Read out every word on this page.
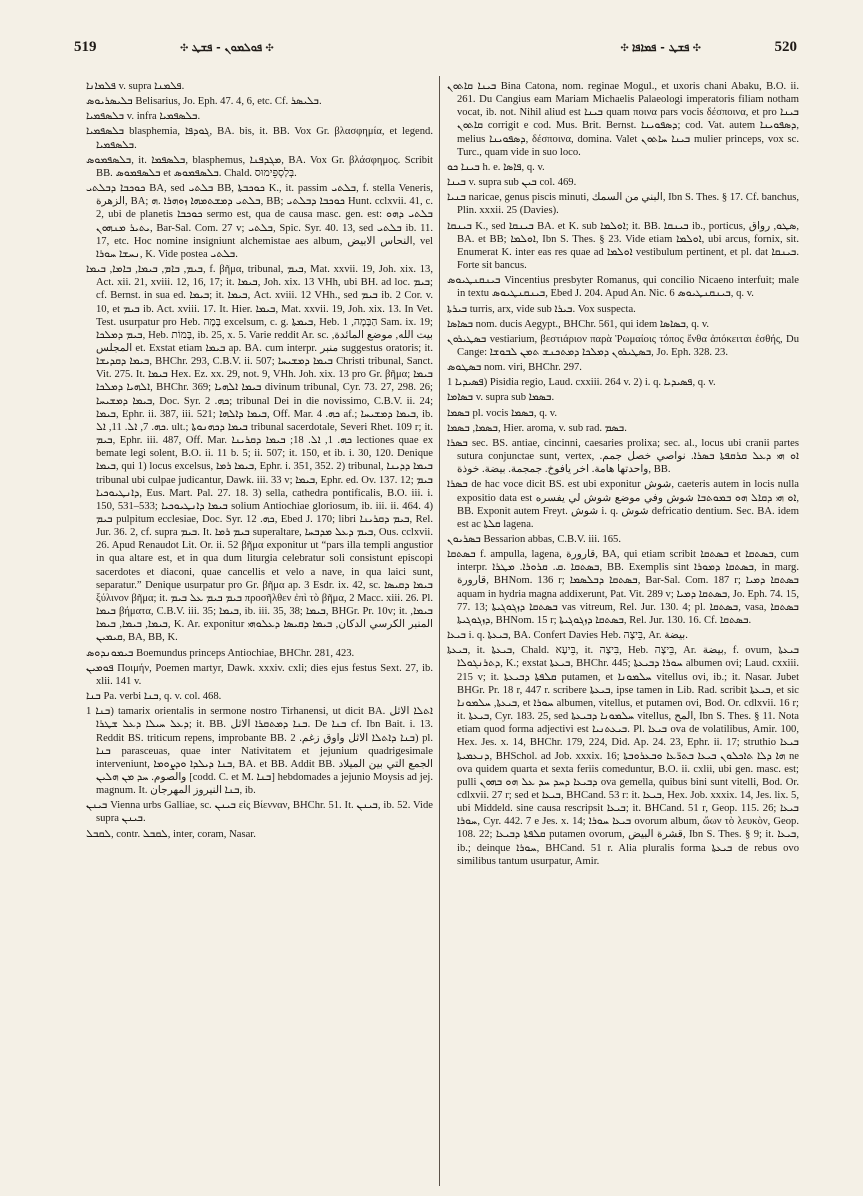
519	✣ ܦܘܠܡܘܢ - ܦܫܛ ✣	✣ ܦܫܛ - ܦܡܐܦܐ ✣	520

ܦܠܡܐܢܐ v. supra ܦܠܡܢܐ.

ܒܠܝܣܪܝܘܣ Belisarius, Jo. Eph. 47. 4, 6, etc. Cf. ܒܠܝܣܪ.

ܒܠܣܦܡܝܐ v. infra ܒܠܣܦܡܝܐ.

ܒܠܣܦܡܝܐ blasphemia, ܓܘܕܦܐ, BA. bis, it. BB. Vox Gr. βλασφημία, et legend. ܒܠܣܦܡܝܐ.

ܒܠܣܦܡܘܣ, it. ܒܠܣܦܡܐ, blasphemus, ܡܓܕܦܢܐ, BA. Vox Gr. βλάσφημος. Scribit BB. ܒܠܣܦܡܘܣ et ܒܠܣܦܡܘܣ. Chald. בְּלַסְפֵּימוּס.

ܟܘܟܒܐ ܕܒܠܬܝ BA, sed ܒܠܬܝ BB, ܟܘܟܒܬܐ K., it. passim ܒܠܬܝ, f. stella Veneris, الزهرة, BA; ܒܠܬܝ ܕܡܫܬܡܗܐ ܙܘܗܪܐ .ܗ, BB; ܟܘܟܒܐ ܕܒܠܬܝ Hunt. cclxvii. 41, c. 2, ubi de planetis ܟܘܟܒܐ sermo est, qua de causa masc. gen. est: ܒܠܬܝ ܕܗܘ ܝܬܝܪ ܡܢܗܘܢ, Bar-Sal. Com. 27 v; ܒܠܬܝ, Spic. Syr. 40. 13, sed ܒܠܬܝ ib. 11. 17, etc. Hoc nomine insigniunt alchemistae aes album, النحاس الابيض, vel ܢܚܫܐ ܚܘܪܐ, K. Vide postea ܒܠܬܝ.

ܒܝܡ, ܒܐܡ, ܒܝܡܐ, ܒܐܡܐ, ܒܝܡܐ, f. βῆμα, tribunal, ܒܝܡ, Mat. xxvii. 19, Joh. xix. 13, Act. xii. 21, xviii. 12, 16, 17; it. ܒܝܡܐ, Joh. xix. 13 VHh, ubi BH. ad loc. ܒܝܡ; cf. Bernst. in sua ed. ܒܝܡܐ; it. ܒܝܡܐ, Act. xviii. 12 VHh., sed ܒܝܡ ib. 2 Cor. v. 10, et ܒܝܡ ib. Act. xviii. 17. It. Hier. ܒܝܡܐ, Mat. xxvii. 19, Joh. xix. 13. In Vet. Test. usurpatur pro Heb. בָּמָה excelsum, c. g. ܒܝܡܬܐ, Heb. הַבָּמָה, 1 Sam. ix. 19; ܒܝܡ ܕܡܠܟܐ, Heb. בָּמוֹת, ib. 25, x. 5. Varie reddit Ar. sc. بيت الله, موضع المائدة, المجلس et. Exstat etiam ܒܝܡܐ ap. BA. cum interpr. منبر suggestus oratoris; it. ܒܝܡܐ ܕܩܕܝܫܐ, BHChr. 293, C.B.V. ii. 507; ܒܝܡܐ ܕܡܫܝܚܐ Christi tribunal, Sanct. Vit. 275. It. ܒܝܡܐ Hex. Ez. xx. 29, not. 9, VHh. Joh. xix. 13 pro Gr. βῆμα; ܒܝܡܐ ܐܠܗܝܐ ܕܡܠܟܐ, BHChr. 369; ܒܝܡܐ ܐܠܗܝܐ divinum tribunal, Cyr. 73. 27, 298. 26; ܒܝܡܐ ܕܡܫܝܚܐ, Doc. Syr. ܟܗ. 2; tribunal Dei in die novissimo, C.B.V. ii. 24; ܒܝܡܐ, Ephr. ii. 387, iii. 521; ܒܝܡܐ ܕܐܠܗܐ, Off. Mar. ܟܗ. 4 af.; ܒܝܡܐ ܕܡܫܝܚܐ, ib. ܟܗ. 7, ܐܠ. 11, ܐܠ. ult.; ܒܝܡܐ ܕܟܗܢܘܬܐ tribunal sacerdotale, Severi Rhet. 109 r; it. ܒܝܡ, Ephr. iii. 487, Off. Mar. ܟܗ. 1, ܐܠ. 18; ܒܝܡܐ ܕܩܪܝܢܐ lectiones quae ex bemate legi solent, B.O. ii. 11 b. 5; ii. 507; it. 150, et ib. i. 30, 120. Denique ܒܝܡܐ, qui 1) locus excelsus, ܒܝܡܐ ܪܡܐ, Ephr. i. 351, 352. 2) tribunal, ܒܝܡܐ ܕܕܝܢܐ tribunal ubi culpae judicantur, Dawk. iii. 33 v; ܒܝܡܐ, Ephr. ed. Ov. 137. 12; ܒܝܡ ܕܐܢܛܝܘܟܝܐ, Eus. Mart. Pal. 27. 18. 3) sella, cathedra pontificalis, B.O. iii. i. 150, 531–533; ܒܝܡܐ ܕܐܢܛܝܘܟܝܐ solium Antiochiae gloriosum, ib. iii. ii. 464. 4) ܒܝܡ pulpitum ecclesiae, Doc. Syr. ܟܗ. 12, Ebed J. 170; libri ܒܝܡ ܕܩܪܝܢܐ, Rel. Jur. 36. 2, cf. supra ܒܝܡ. It. ܒܝܡ ܪܡܐ superaltare, ܒܝܡ ܕܥܠ ܡܕܒܚܐ, Ous. cclxvii. 26. Apud Renaudot Lit. Or. ii. 52 βῆμα exponitur ut “pars illa templi angustior in qua altare est, et in qua dum liturgia celebratur soli consistunt episcopi sacerdotes et diaconi, quae cancellis et velo a nave, in qua laici sunt, separatur.” Denique usurpatur pro Gr. βῆμα ap. 3 Esdr. ix. 42, sc. ܒܝܡܐ ܕܩܝܣܐ ξύλινον βῆμα; it. ܒܝܡ ܒܝܡ ܥܠ ܒܝܡ προσῆλθεν ἐπὶ τὸ βῆμα, 2 Macc. xiii. 26. Pl. ܒܝܡܐ βήματα, C.B.V. iii. 35; ܒܝܡܐ, ib. iii. 35, 38; ܒܝܡܐ, BHGr. Pr. 10v; it. ܒܝܡܐ, ܒܝܡܐ, ܒܝܡܐ, ܒܝܡܐ, K. Ar. exponitur المنبر الكرسي الدكان, ܒܝܡܐ ܕܩܝܣܐ ܕܥܠܘܗܝ ܩܝܡܝܢ, BA, BB, K.

ܒܝܡܘܢܕܘܣ Boemundus princeps Antiochiae, BHChr. 281, 423.

ܦܘܡܝܢ Ποιμήν, Poemen martyr, Dawk. xxxiv. cxli; dies ejus festus Sext. 27, ib. xlii. 141 v.

ܒܢܐ Pa. verbi ܒܢܐ, q. v. col. 468.

ܒܢܐ 1) tamarix orientalis in sermone nostro Tirhanensi, ut dicit BA. ܐܬܠܐ الاثل ܕܥܠ ܚܝܠܐ ܕܥܠ ܫܛܪܐ; it. BB. ܒܢܐ ܕܡܬܩܪܐ الاثل. De ܒܢܐ cf. Ibn Bait. i. 13. Reddit BS. triticum repens, improbante BB. ܒܢܐ ܕܐܬܠܐ الاثل واوق زغم. 2) pl. ܒܢܐ parasceuas, quae inter Nativitatem et jejunium quadrigesimale interveniunt, ܒܢܐ ܕܝܠܕܐ ܘܕܨܘܡܐ, BA. et BB. Addit BB. الجمع التي بين الميلاد والصوم. ܚܕ ܡܢ ܗܠܝܢ [codd. C. et M. ܒܢܐ] hebdomades a jejunio Moysis ad jej. magnum. It. ܒܢܐ النيروز المهرجان, ib.

ܒܝܢܢ Vienna urbs Galliae, sc. ܒܝܢܢ εἰς Βίενναν, BHChr. 51. It. ܒܝܢܢ, ib. 52. Vide supra ܒܝܢܢ.

ܠܩܒܠ, contr. ܠܩܒܠ, inter, coram, Nasar.

ܒܝܢܐ ܩܐܬܘܢ Bina Catona, nom. reginae Mogul., et uxoris chani Abaku, B.O. ii. 261. Du Cangius eam Mariam Michaelis Palaeologi imperatoris filiam notham vocat, ib. not. Nihil aliud est ܒܝܢܐ quam ποινα pars vocis δέσποινα, et pro ܒܝܢܐ ܩܐܬܘܢ corrigit e cod. Mus. Brit. Bernst. ܕܣܦܘܝܢܐ; cod. Vat. autem ܕܣܦܘܝܢܐ, melius ܕܣܦܘܝܢܐ, δέσποινα, domina. Valet ܒܝܢܐ ܚܐܬܘܢ mulier princeps, vox sc. Turc., quam vide in suo loco.

ܒܝܢܐ ܟܘ h. e. ܦܐܣܐ, q. v.

ܒܝܢܐ v. supra sub ܒܝܢ col. 469.

ܒܢܝܐ naricae, genus piscis minuti, البني من السمك, Ibn S. Thes. § 17. Cf. banchus, Plin. xxxii. 25 (Davies).

ܒܝܢܩܐ K., sed ܒܝܢܩܐ BA. et K. sub ܐܘܠܡܐ; it. BB. ܒܝܢܩܐ ib., porticus, ܣܛܘ, رواق, BA. et BB; ܐܘܠܡܐ, Ibn S. Thes. § 23. Vide etiam ܐܘܠܡܐ, ubi arcus, fornix, sit. Enumerat K. inter eas res quae ad ܐܘܠܡܐ vestibulum pertinent, et pl. dat ܒܝܢܩܐ. Forte sit bancus.

ܒܝܢܩܢܛܝܘܣ Vincentius presbyter Romanus, qui concilio Nicaeno interfuit; male in textu ܒܝܢܩܢܛܝܘܣ, Ebed J. 204. Apud An. Nic. 6 ܒܝܢܩܢܛܝܘܣ, q. v.

ܒܝܪܬܐ turris, arx, vide sub ܒܝܪܐ. Vox suspecta.

ܒܣܐܣܐ nom. ducis Aegypt., BHChr. 561, qui idem ܒܣܐܣܐ, q. v.

ܒܣܛܝܪܘܢ vestiarium, βεστιάριον παρὰ Ῥωμαίοις τόπος ἔνθα ἀπόκειται ἐσθής, Du Cange: ܒܣܛܝܪܘܢ ܕܡܠܟܐ ܕܡܬܟܢܫ ܬܡܢ ܠܒܘܫܐ, Jo. Eph. 328. 23.

ܒܣܛܘܣ nom. viri, BHChr. 297.

ܦܣܝܕܝܐ 1) Pisidia regio, Laud. cxxiii. 264 v. 2) i. q. ܦܣܝܕܝܐ, q. v.

ܒܣܐܡܐ v. supra sub ܒܣܡܐ.

ܒܣܡܐ pl. vocis ܒܣܡܐ, q. v.

ܒܣܡܐ, ܒܣܡܐ, Hier. aroma, v. sub rad. ܒܣܡ.

ܒܣܪܐ sec. BS. antiae, cincinni, caesaries prolixa; sec. al., locus ubi cranii partes sutura conjunctae sunt, vertex, ܐܘ ܗܝ ܕܥܠ ܩܪܩܦܬܐ ܒܣܪܐ. نواصي خصل جمم. واحدتها هامة. اخر يافوخ. جمجمة. بيضة. خوذة, BB.

ܒܣܪܐ de hac voce dicit BS. est ubi exponitur شوش, caeteris autem in locis nulla expositio data est ܐܘ ܗܝ ܕܩܐܠ ܗܘ ܒܡܘܬܒܐ شوش وفي موضع شوش لي يفسره, BB. Exponit autem Freyt. شوش i. q. شوش defricatio dentium. Sec. BA. idem est ac ܩܠܬܐ lagena.

ܒܣܪܝܘܢ Bessarion abbas, C.B.V. iii. 165.

ܒܣܬܩܐ f. ampulla, lagena, قارورة, BA, qui etiam scribit ܒܣܬܩܐ et ܒܣܬܩܐ, cum interpr. ܒܣܬܩܐ .ܩ. ܩܪܘܪܐ. ܡܛܪܐ, BB. Exemplis sint ܒܣܬܩܐ ܕܡܘܪܐ, in marg. قارورة, BHNom. 136 r; ܒܣܬܩܐ ܕܒܠܣܡܐ, Bar-Sal. Com. 187 r; ܒܣܬܩܐ ܕܡܝܐ aquam in hydria magna addixerunt, Pat. Vit. 289 v; ܒܣܬܩܐ ܕܡܝܐ, Jo. Eph. 74. 15, 77. 13; ܒܣܬܩܐ ܕܙܓܘܓܝܬܐ vas vitreum, Rel. Jur. 130. 4; pl. ܒܣܬܩܐ, vasa, ܒܣܬܩܐ ܕܙܓܘܓܝܬܐ, BHNom. 15 r; ܒܣܬܩܐ ܕܙܓܘܓܝܬܐ, Rel. Jur. 130. 16. Cf. ܒܣܬܩܐ.

ܒܝܥܐ i. q. ܒܝܥܬܐ, BA. Confert Davies Heb. בֵּיצָה, Ar. بيضة.

ܒܝܥܬܐ, it. ܒܝܥܬܐ, Chald. בֵּיעָא, it. בִּיצָה, Heb. בֵּיצָה, Ar. بيضة, f. ovum, ܒܝܥܬܐ ܕܬܪܢܓܘܠܐ, K.; exstat ܒܝܥܬܐ, BHChr. 445; ܚܘܪܐ ܕܒܝܥܬܐ albumen ovi; Laud. cxxiii. 215 v; it. ܩܠܦܬܐ ܕܒܝܥܬܐ putamen, et ܚܠܡܘܢܐ vitellus ovi, ib.; it. Nasar. Jubet BHGr. Pr. 18 r, 447 r. scribere ܒܝܥܬܐ, ipse tamen in Lib. Rad. scribit ܒܝܥܬܐ, et sic ܒܝܥܬܐ, ܚܠܡܘܢܐ, et ܚܘܪܐ albumen, vitellus, et putamen ovi, Bod. Or. cdlxvii. 16 r; it. ܒܝܥܬܐ, Cyr. 183. 25, sed ܚܠܡܘܢܐ ܕܒܝܥܬܐ vitellus, المح, Ibn S. Thes. § 11. Nota etiam quod forma adjectivi est ܒܝܥܬܢܝܐ. Pl. ܒܝܥܐ ova de volatilibus, Amir. 100, Hex. Jes. x. 14, BHChr. 179, 224, Did. Ap. 24. 23, Ephr. ii. 17; struthio ܒܝܥܐ ܕܢܥܡܝܬܐ, BHSchol. ad Job. xxxix. 16; ܗܐ ܕܠܐ ܬܐܟܠܘܢ ܒܝܥܐ ܒܬܪ̈ܥܐ ܘܒܥܪܘܒܬܐ ne ova quidem quarta et sexta feriis comeduntur, B.O. ii. cxlii, ubi gen. masc. est; pulli ܕܒܝܥܐ ܕܚܕ ܚܕ ܥܠ ܗܘ ܒܗܘܢ ova gemella, quibus bini sunt vitelli, Bod. Or. cdlxvii. 27 r; sed et ܒܝܥܐ, BHCand. 53 r: it. ܒܝܥܐ, Hex. Job. xxxix. 14, Jes. lix. 5, ubi Middeld. sine causa rescripsit ܒܝܥܐ; it. BHCand. 51 r, Geop. 115. 26; ܒܝܥܐ ܚܘܪܐ, Cyr. 442. 7 e Jes. x. 14; ܒܝܥܐ ܚܘܪܐ ovorum album, ὤων τὸ λευκὸν, Geop. 108. 22; ܩܠܦܬܐ ܕܒܝܥܐ putamen ovorum, قشرة البيض, Ibn S. Thes. § 9; it. ܒܝܥܐ, ib.; deinque ܚܘܪܐ, BHCand. 51 r. Alia pluralis forma ܒܝܥܬܐ de rebus ovo similibus tantum usurpatur, Amir.
